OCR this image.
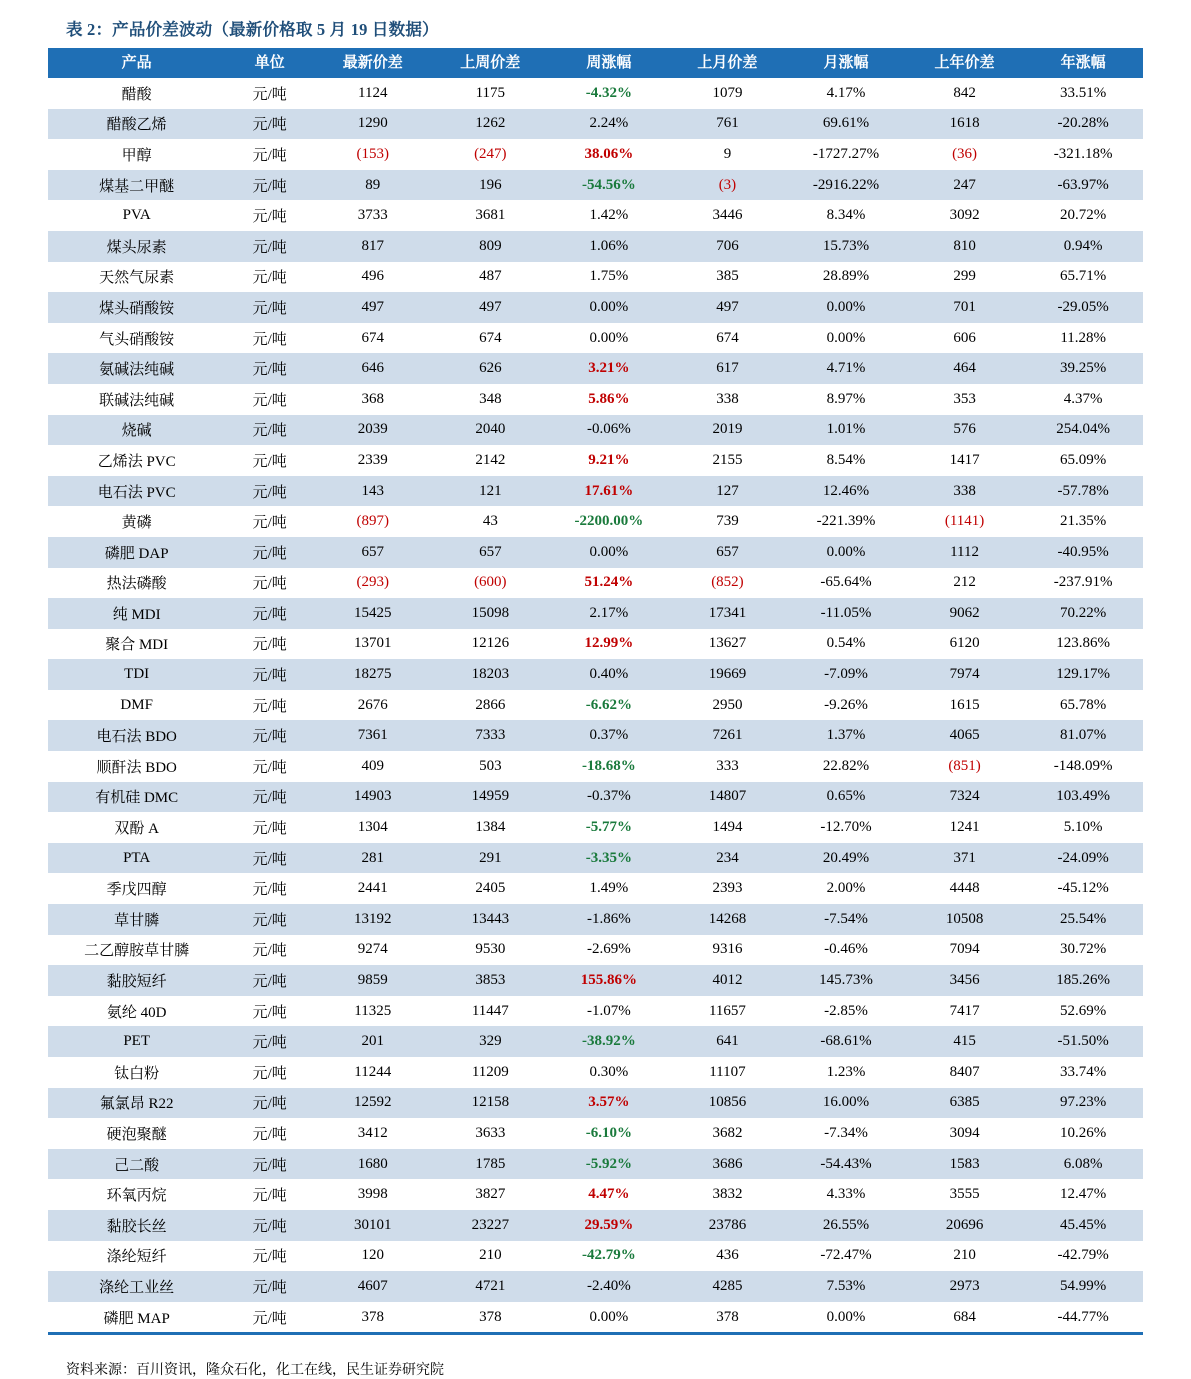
表 2：产品价差波动（最新价格取 5 月 19 日数据）
产品	单位	最新价差	上周价差	周涨幅	上月价差	月涨幅	上年价差	年涨幅
醋酸	元/吨	1124	1175	-4.32%	1079	4.17%	842	33.51%
醋酸乙烯	元/吨	1290	1262	2.24%	761	69.61%	1618	-20.28%
甲醇	元/吨	(153)	(247)	38.06%	9	-1727.27%	(36)	-321.18%
煤基二甲醚	元/吨	89	196	-54.56%	(3)	-2916.22%	247	-63.97%
PVA	元/吨	3733	3681	1.42%	3446	8.34%	3092	20.72%
煤头尿素	元/吨	817	809	1.06%	706	15.73%	810	0.94%
天然气尿素	元/吨	496	487	1.75%	385	28.89%	299	65.71%
煤头硝酸铵	元/吨	497	497	0.00%	497	0.00%	701	-29.05%
气头硝酸铵	元/吨	674	674	0.00%	674	0.00%	606	11.28%
氨碱法纯碱	元/吨	646	626	3.21%	617	4.71%	464	39.25%
联碱法纯碱	元/吨	368	348	5.86%	338	8.97%	353	4.37%
烧碱	元/吨	2039	2040	-0.06%	2019	1.01%	576	254.04%
乙烯法 PVC	元/吨	2339	2142	9.21%	2155	8.54%	1417	65.09%
电石法 PVC	元/吨	143	121	17.61%	127	12.46%	338	-57.78%
黄磷	元/吨	(897)	43	-2200.00%	739	-221.39%	(1141)	21.35%
磷肥 DAP	元/吨	657	657	0.00%	657	0.00%	1112	-40.95%
热法磷酸	元/吨	(293)	(600)	51.24%	(852)	-65.64%	212	-237.91%
纯 MDI	元/吨	15425	15098	2.17%	17341	-11.05%	9062	70.22%
聚合 MDI	元/吨	13701	12126	12.99%	13627	0.54%	6120	123.86%
TDI	元/吨	18275	18203	0.40%	19669	-7.09%	7974	129.17%
DMF	元/吨	2676	2866	-6.62%	2950	-9.26%	1615	65.78%
电石法 BDO	元/吨	7361	7333	0.37%	7261	1.37%	4065	81.07%
顺酐法 BDO	元/吨	409	503	-18.68%	333	22.82%	(851)	-148.09%
有机硅 DMC	元/吨	14903	14959	-0.37%	14807	0.65%	7324	103.49%
双酚 A	元/吨	1304	1384	-5.77%	1494	-12.70%	1241	5.10%
PTA	元/吨	281	291	-3.35%	234	20.49%	371	-24.09%
季戊四醇	元/吨	2441	2405	1.49%	2393	2.00%	4448	-45.12%
草甘膦	元/吨	13192	13443	-1.86%	14268	-7.54%	10508	25.54%
二乙醇胺草甘膦	元/吨	9274	9530	-2.69%	9316	-0.46%	7094	30.72%
黏胶短纤	元/吨	9859	3853	155.86%	4012	145.73%	3456	185.26%
氨纶 40D	元/吨	11325	11447	-1.07%	11657	-2.85%	7417	52.69%
PET	元/吨	201	329	-38.92%	641	-68.61%	415	-51.50%
钛白粉	元/吨	11244	11209	0.30%	11107	1.23%	8407	33.74%
氟氯昂 R22	元/吨	12592	12158	3.57%	10856	16.00%	6385	97.23%
硬泡聚醚	元/吨	3412	3633	-6.10%	3682	-7.34%	3094	10.26%
己二酸	元/吨	1680	1785	-5.92%	3686	-54.43%	1583	6.08%
环氧丙烷	元/吨	3998	3827	4.47%	3832	4.33%	3555	12.47%
黏胶长丝	元/吨	30101	23227	29.59%	23786	26.55%	20696	45.45%
涤纶短纤	元/吨	120	210	-42.79%	436	-72.47%	210	-42.79%
涤纶工业丝	元/吨	4607	4721	-2.40%	4285	7.53%	2973	54.99%
磷肥 MAP	元/吨	378	378	0.00%	378	0.00%	684	-44.77%
资料来源：百川资讯，隆众石化，化工在线，民生证券研究院
